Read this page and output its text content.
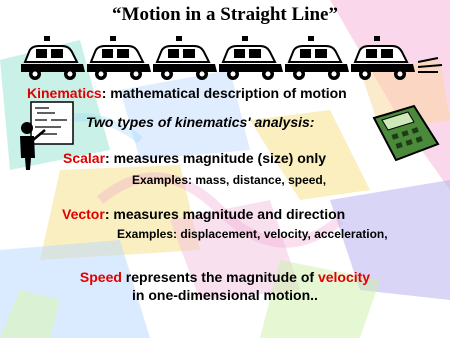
“Motion in a Straight Line”
Kinematics: mathematical description of motion
Two types of kinematics' analysis:
Scalar: measures magnitude (size) only
Examples: mass, distance, speed,
Vector: measures magnitude and direction
Examples: displacement, velocity, acceleration,
Speed represents the magnitude of velocity
in one-dimensional motion..
